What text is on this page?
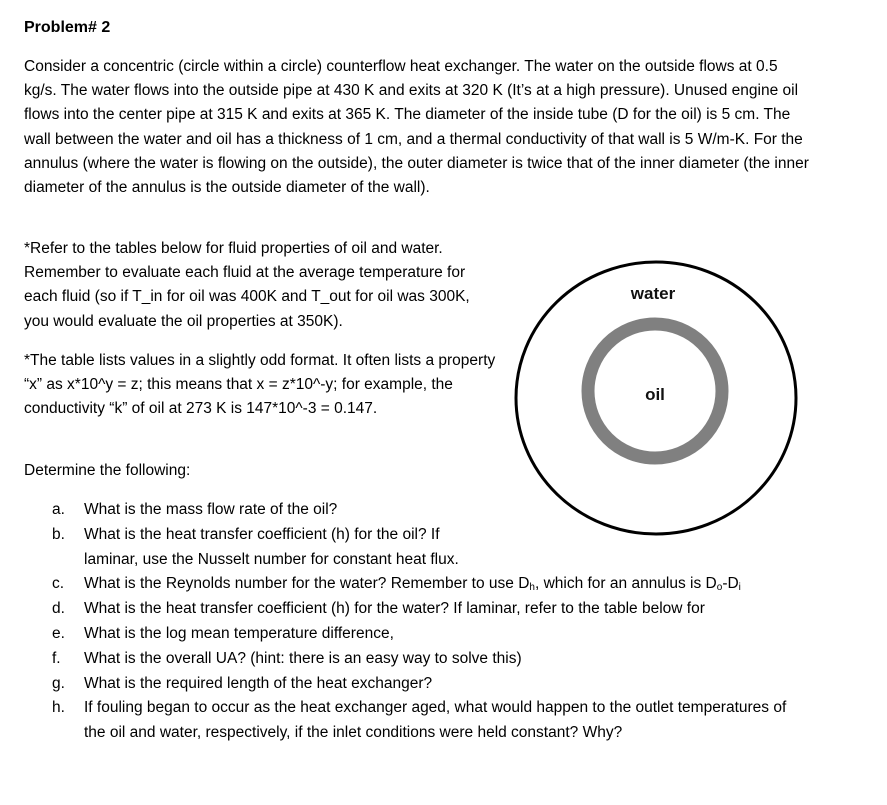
Problem# 2

Consider a concentric (circle within a circle) counterflow heat exchanger. The water on the outside flows at 0.5 kg/s. The water flows into the outside pipe at 430 K and exits at 320 K (It’s at a high pressure). Unused engine oil flows into the center pipe at 315 K and exits at 365 K. The diameter of the inside tube (D for the oil) is 5 cm. The wall between the water and oil has a thickness of 1 cm, and a thermal conductivity of that wall is 5 W/m-K. For the annulus (where the water is flowing on the outside), the outer diameter is twice that of the inner diameter (the inner diameter of the annulus is the outside diameter of the wall).

*Refer to the tables below for fluid properties of oil and water. Remember to evaluate each fluid at the average temperature for each fluid (so if T_in for oil was 400K and T_out for oil was 300K, you would evaluate the oil properties at 350K).

*The table lists values in a slightly odd format. It often lists a property “x” as x*10^y = z; this means that x = z*10^-y; for example, the conductivity “k” of oil at 273 K is 147*10^-3 = 0.147.

Determine the following:

a.	What is the mass flow rate of the oil?
b.	What is the heat transfer coefficient (h) for the oil? If laminar, use the Nusselt number for constant heat flux.
c.	What is the Reynolds number for the water? Remember to use $D_h$, which for an annulus is $D_o-D_i$
d.	What is the heat transfer coefficient (h) for the water? If laminar, refer to the table below for
e.	What is the log mean temperature difference,
f.	What is the overall UA? (hint: there is an easy way to solve this)
g.	What is the required length of the heat exchanger?
h.	If fouling began to occur as the heat exchanger aged, what would happen to the outlet temperatures of the oil and water, respectively, if the inlet conditions were held constant? Why?
water
oil
